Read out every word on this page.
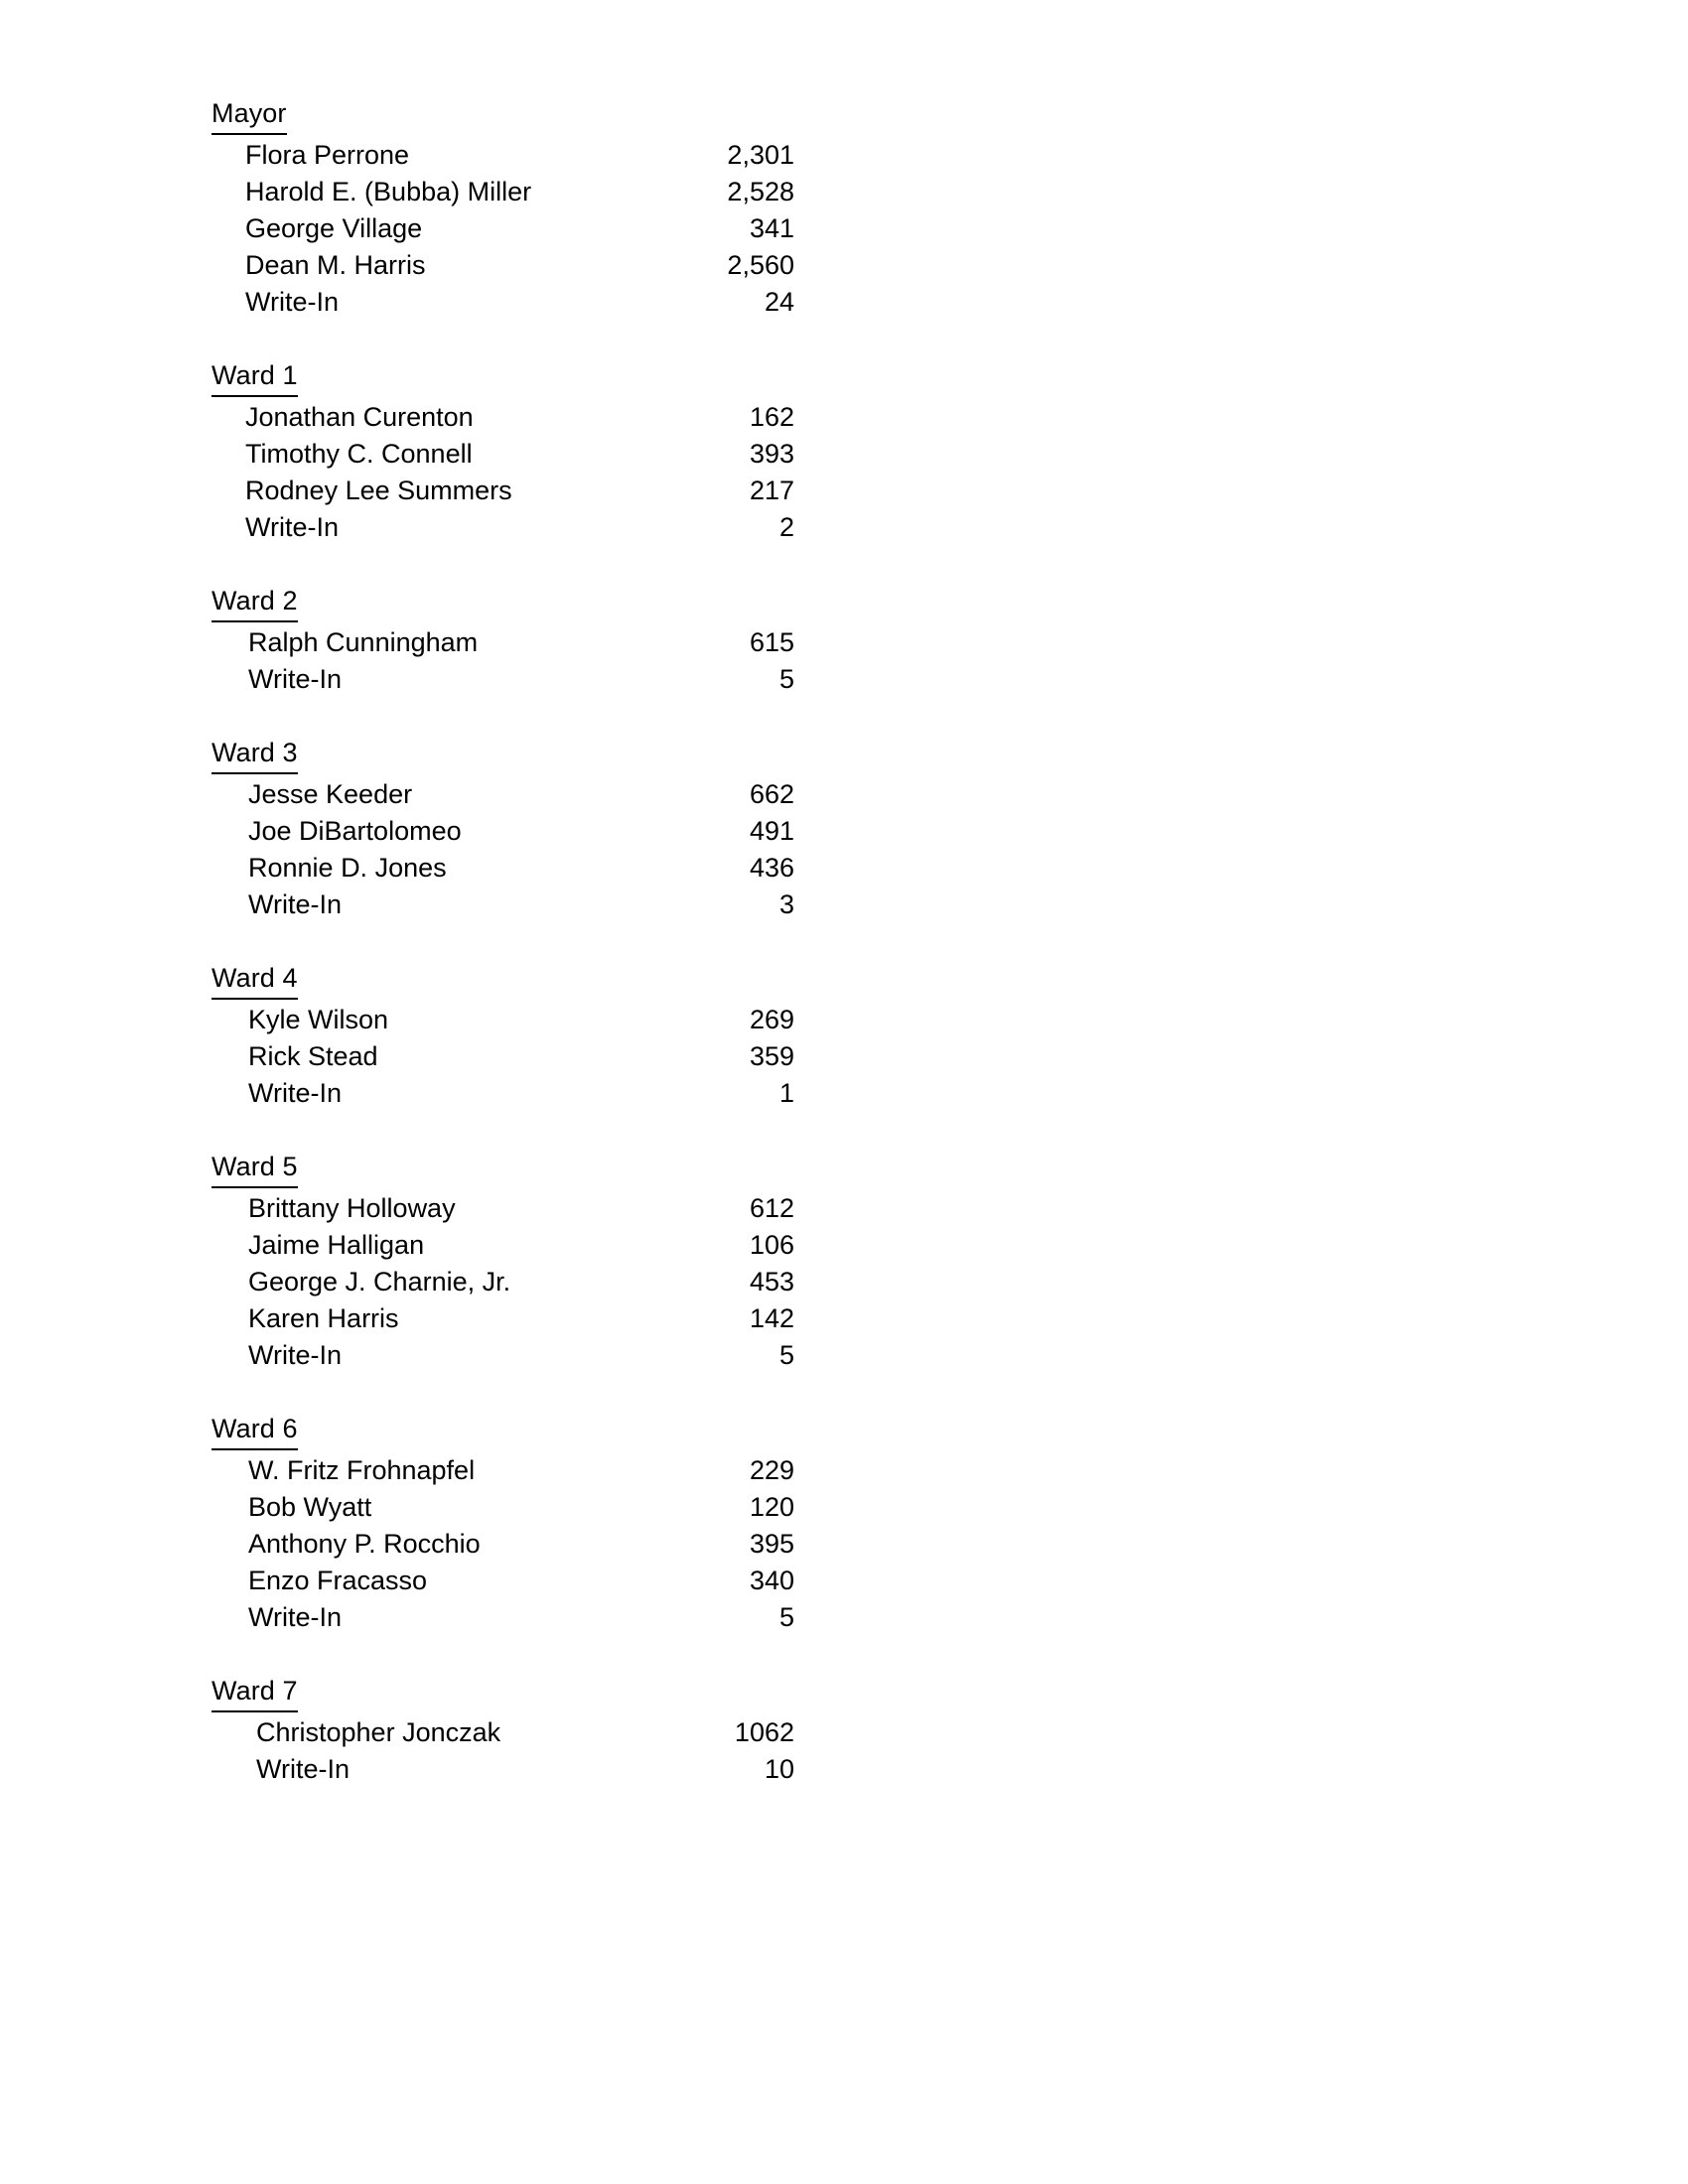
Mayor
Flora Perrone	2,301
Harold E. (Bubba) Miller	2,528
George Village	341
Dean M. Harris	2,560
Write-In	24
Ward 1
Jonathan Curenton	162
Timothy C. Connell	393
Rodney Lee Summers	217
Write-In	2
Ward 2
Ralph Cunningham	615
Write-In	5
Ward 3
Jesse Keeder	662
Joe DiBartolomeo	491
Ronnie D. Jones	436
Write-In	3
Ward 4
Kyle Wilson	269
Rick Stead	359
Write-In	1
Ward 5
Brittany Holloway	612
Jaime Halligan	106
George J. Charnie, Jr.	453
Karen Harris	142
Write-In	5
Ward 6
W. Fritz Frohnapfel	229
Bob Wyatt	120
Anthony P. Rocchio	395
Enzo Fracasso	340
Write-In	5
Ward 7
Christopher Jonczak	1062
Write-In	10
